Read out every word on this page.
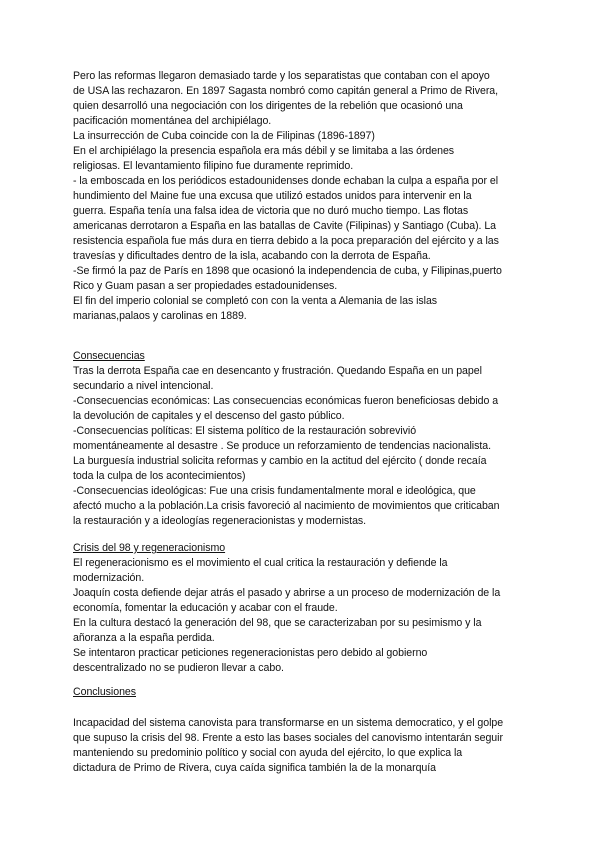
Pero las reformas llegaron demasiado tarde y los separatistas que contaban con el apoyo
de USA las rechazaron. En 1897 Sagasta nombró como capitán general a Primo de Rivera,
quien desarrolló una negociación con los dirigentes de la rebelión que ocasionó una
pacificación momentánea del archipiélago.
La insurrección de Cuba coincide con la de Filipinas (1896-1897)
En el archipiélago la presencia española era más débil y se limitaba a las órdenes
religiosas. El levantamiento filipino fue duramente reprimido.
- la emboscada en los periódicos estadounidenses donde echaban la culpa a españa por el
hundimiento del Maine fue una excusa que utilizó estados unidos para intervenir en la
guerra. España tenía una falsa idea de victoria que no duró mucho tiempo. Las flotas
americanas derrotaron a España en las batallas de Cavite (Filipinas) y Santiago (Cuba). La
resistencia española fue más dura en tierra debido a la poca preparación del ejército y a las
travesías y dificultades dentro de la isla, acabando con la derrota de España.
-Se firmó la paz de París en 1898 que ocasionó la independencia de cuba, y Filipinas,puerto
Rico y Guam pasan a ser propiedades estadounidenses.
El fin del imperio colonial se completó con con la venta a Alemania de las islas
marianas,palaos y carolinas en 1889.
Consecuencias
Tras la derrota España cae en desencanto y frustración. Quedando España en un papel
secundario a nivel intencional.
-Consecuencias económicas: Las consecuencias económicas fueron beneficiosas debido a
la devolución de capitales y el descenso del gasto público.
-Consecuencias políticas: El sistema político de la restauración sobrevivió
momentáneamente al desastre . Se produce un reforzamiento de tendencias nacionalista.
La burguesía industrial solicita reformas y cambio en la actitud del ejército ( donde recaía
toda la culpa de los acontecimientos)
-Consecuencias ideológicas: Fue una crisis fundamentalmente moral e ideológica, que
afectó mucho a la población.La crisis favoreció al nacimiento de movimientos que criticaban
la restauración y a ideologías regeneracionistas y modernistas.
Crisis del 98 y regeneracionismo
El regeneracionismo es el movimiento el cual critica la restauración y defiende la
modernización.
Joaquín costa defiende dejar atrás el pasado y abrirse a un proceso de modernización de la
economía, fomentar la educación y acabar con el fraude.
En la cultura destacó la generación del 98, que se caracterizaban por su pesimismo y la
añoranza a la españa perdida.
Se intentaron practicar peticiones regeneracionistas pero debido al gobierno
descentralizado no se pudieron llevar a cabo.
Conclusiones
Incapacidad del sistema canovista para transformarse en un sistema democratico, y el golpe
que supuso la crisis del 98. Frente a esto las bases sociales del canovismo intentarán seguir
manteniendo su predominio político y social con ayuda del ejército, lo que explica la
dictadura de Primo de Rivera, cuya caída significa también la de la monarquía
